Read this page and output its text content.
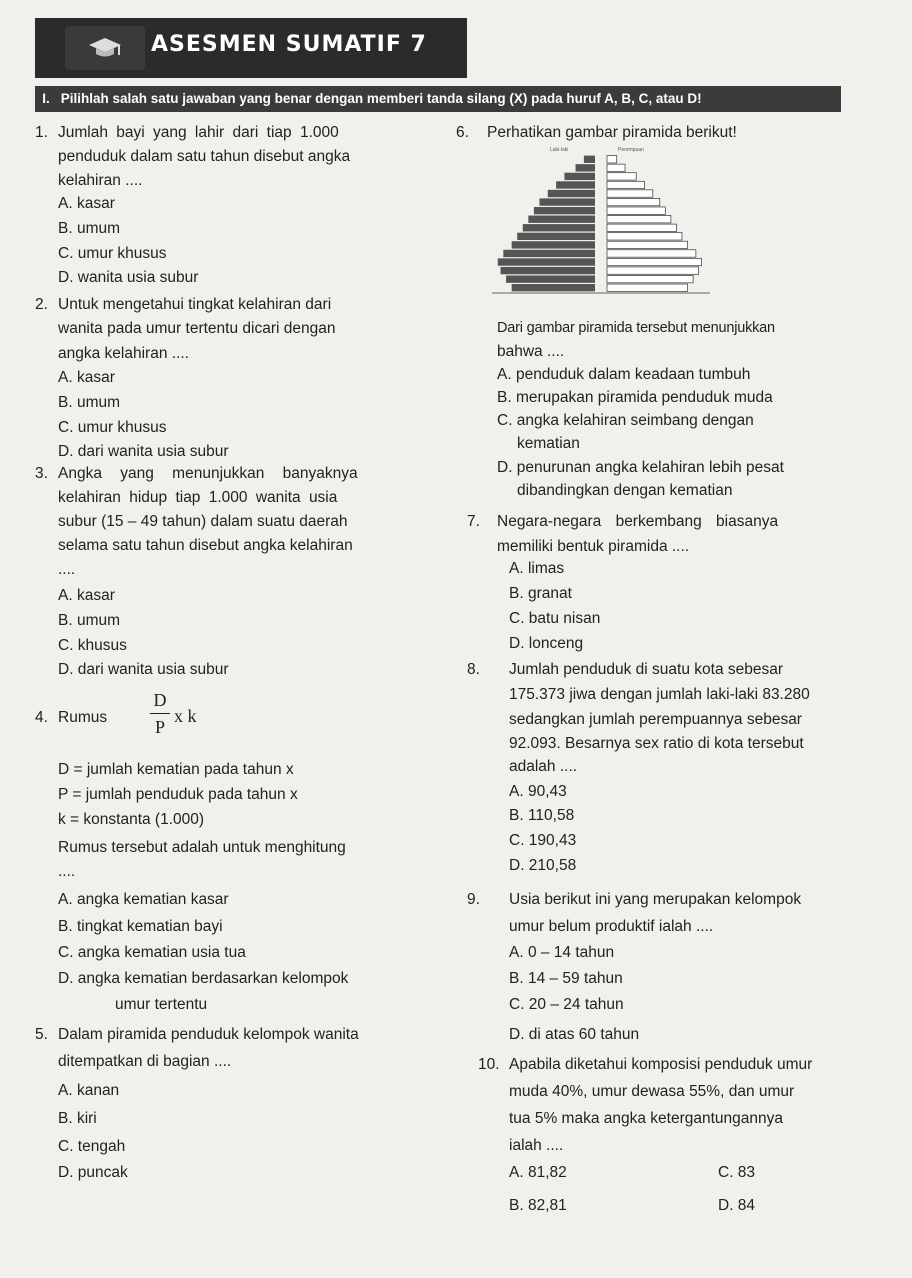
ASESMEN SUMATIF 7
I. Pilihlah salah satu jawaban yang benar dengan memberi tanda silang (X) pada huruf A, B, C, atau D!
1. Jumlah bayi yang lahir dari tiap 1.000
penduduk dalam satu tahun disebut angka
kelahiran ....
A. kasar
B. umum
C. umur khusus
D. wanita usia subur
2. Untuk mengetahui tingkat kelahiran dari
wanita pada umur tertentu dicari dengan
angka kelahiran ....
A. kasar
B. umum
C. umur khusus
D. dari wanita usia subur
3. Angka yang menunjukkan banyaknya
kelahiran hidup tiap 1.000 wanita usia
subur (15 – 49 tahun) dalam suatu daerah
selama satu tahun disebut angka kelahiran
....
A. kasar
B. umum
C. khusus
D. dari wanita usia subur
4. Rumus
D
P
x k
D = jumlah kematian pada tahun x
P = jumlah penduduk pada tahun x
k = konstanta (1.000)
Rumus tersebut adalah untuk menghitung
....
A. angka kematian kasar
B. tingkat kematian bayi
C. angka kematian usia tua
D. angka kematian berdasarkan kelompok
umur tertentu
5. Dalam piramida penduduk kelompok wanita
ditempatkan di bagian ....
A. kanan
B. kiri
C. tengah
D. puncak
6. Perhatikan gambar piramida berikut!
Laki-laki	Perempuan
Dari gambar piramida tersebut menunjukkan
bahwa ....
A. penduduk dalam keadaan tumbuh
B. merupakan piramida penduduk muda
C. angka kelahiran seimbang dengan
kematian
D. penurunan angka kelahiran lebih pesat
dibandingkan dengan kematian
7. Negara-negara berkembang biasanya
memiliki bentuk piramida ....
A. limas
B. granat
C. batu nisan
D. lonceng
8. Jumlah penduduk di suatu kota sebesar
175.373 jiwa dengan jumlah laki-laki 83.280
sedangkan jumlah perempuannya sebesar
92.093. Besarnya sex ratio di kota tersebut
adalah ....
A. 90,43
B. 110,58
C. 190,43
D. 210,58
9. Usia berikut ini yang merupakan kelompok
umur belum produktif ialah ....
A. 0 – 14 tahun
B. 14 – 59 tahun
C. 20 – 24 tahun
D. di atas 60 tahun
10. Apabila diketahui komposisi penduduk umur
muda 40%, umur dewasa 55%, dan umur
tua 5% maka angka ketergantungannya
ialah ....
A. 81,82
B. 82,81
C. 83
D. 84
